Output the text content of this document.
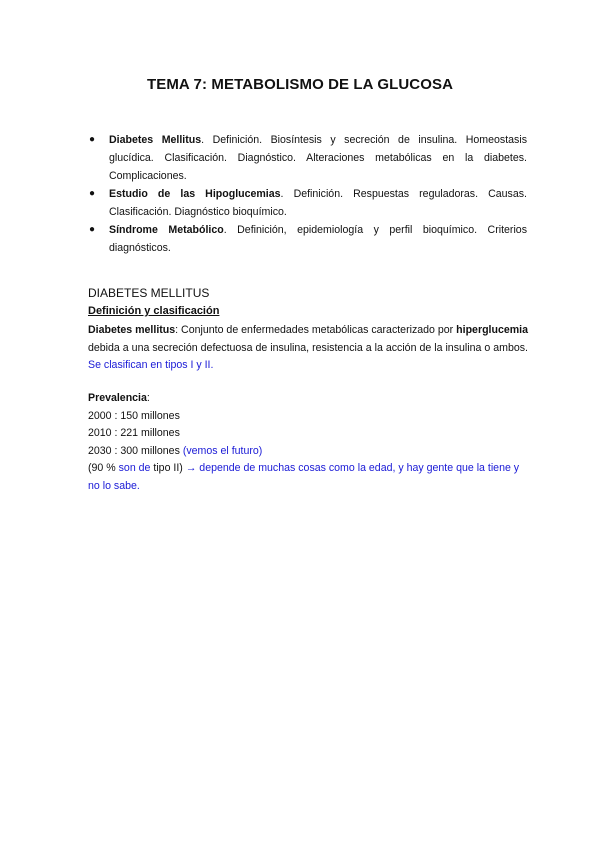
TEMA 7: METABOLISMO DE LA GLUCOSA
● Diabetes Mellitus. Definición. Biosíntesis y secreción de insulina. Homeostasis glucídica. Clasificación. Diagnóstico. Alteraciones metabólicas en la diabetes. Complicaciones.
● Estudio de las Hipoglucemias. Definición. Respuestas reguladoras. Causas. Clasificación. Diagnóstico bioquímico.
● Síndrome Metabólico. Definición, epidemiología y perfil bioquímico. Criterios diagnósticos.
DIABETES MELLITUS
Definición y clasificación
Diabetes mellitus: Conjunto de enfermedades metabólicas caracterizado por hiperglucemia debida a una secreción defectuosa de insulina, resistencia a la acción de la insulina o ambos. Se clasifican en tipos I y II.
Prevalencia:
2000 : 150 millones
2010 : 221 millones
2030 : 300 millones (vemos el futuro)
(90 % son de tipo II) → depende de muchas cosas como la edad, y hay gente que la tiene y no lo sabe.
